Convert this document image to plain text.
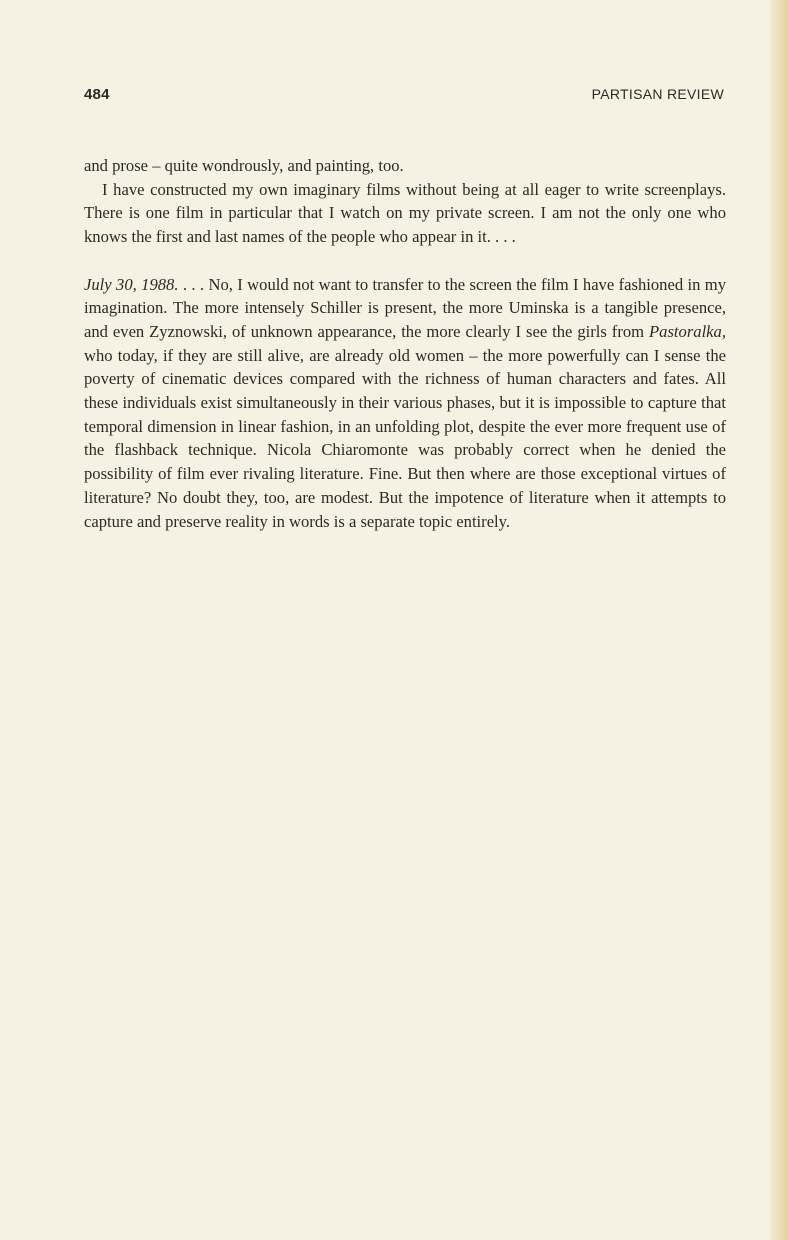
484	PARTISAN REVIEW

and prose – quite wondrously, and painting, too.

I have constructed my own imaginary films without being at all eager to write screenplays. There is one film in particular that I watch on my private screen. I am not the only one who knows the first and last names of the people who appear in it. . . .

July 30, 1988. . . . No, I would not want to transfer to the screen the film I have fashioned in my imagination. The more intensely Schiller is present, the more Uminska is a tangible presence, and even Zyznowski, of unknown appearance, the more clearly I see the girls from Pastoralka, who today, if they are still alive, are already old women – the more powerfully can I sense the poverty of cinematic devices compared with the richness of human characters and fates. All these individuals exist simultaneously in their various phases, but it is impossible to capture that temporal dimension in linear fashion, in an unfolding plot, despite the ever more frequent use of the flashback technique. Nicola Chiaromonte was probably correct when he denied the possibility of film ever rivaling literature. Fine. But then where are those exceptional virtues of literature? No doubt they, too, are modest. But the impotence of literature when it attempts to capture and preserve reality in words is a separate topic entirely.
